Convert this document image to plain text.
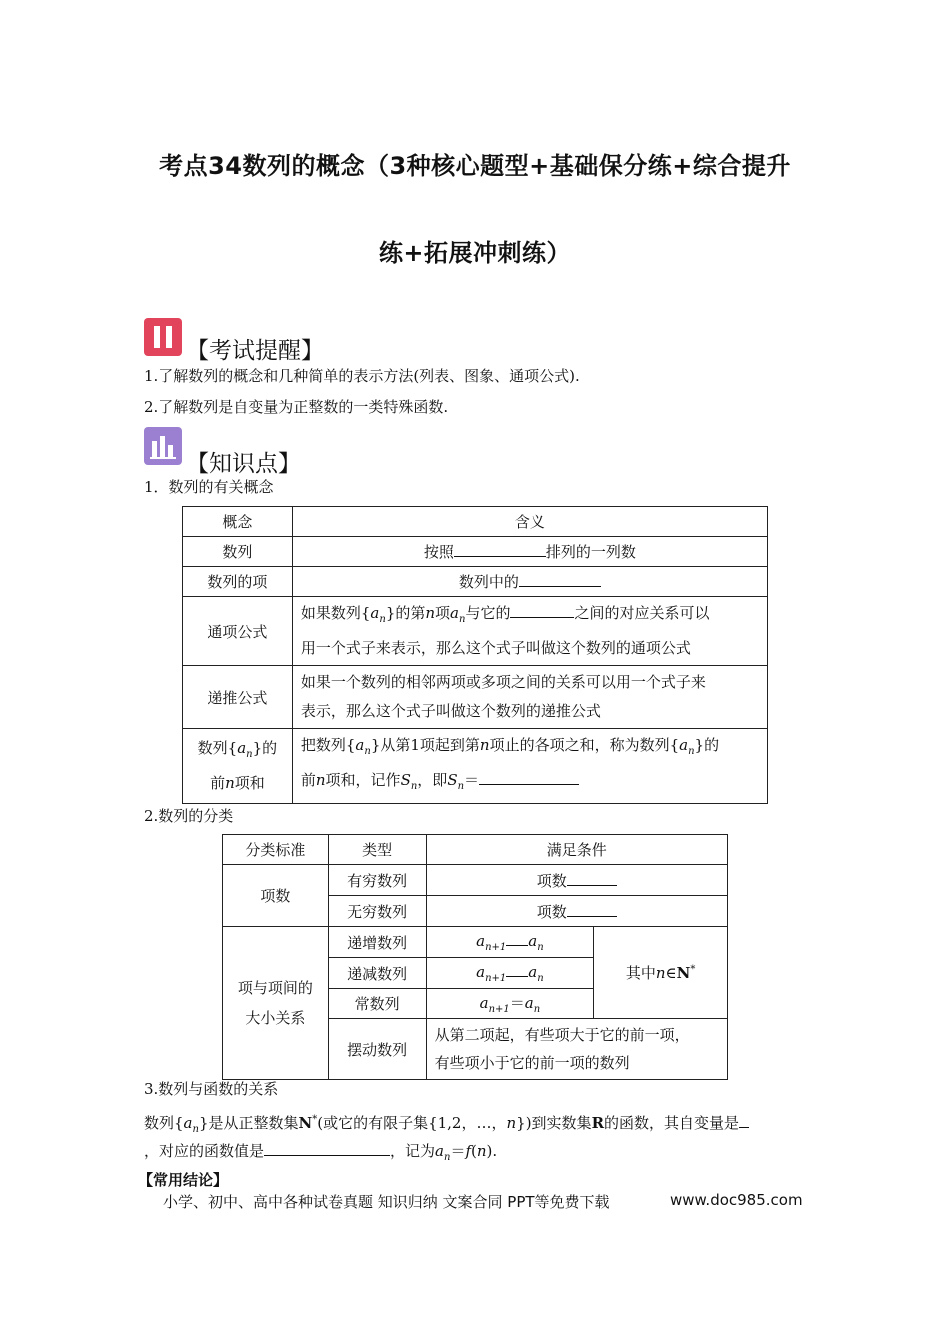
考点34数列的概念（3种核心题型+基础保分练+综合提升
练+拓展冲刺练）
【考试提醒】
1.了解数列的概念和几种简单的表示方法(列表、图象、通项公式).
2.了解数列是自变量为正整数的一类特殊函数.
【知识点】
1．数列的有关概念
概念	含义
数列	按照 排列的一列数
数列的项	数列中的
通项公式	如果数列$\{a_n\}$的第n项$a_n$与它的 之间的对应关系可以
用一个式子来表示，那么这个式子叫做这个数列的通项公式
递推公式	如果一个数列的相邻两项或多项之间的关系可以用一个式子来
表示，那么这个式子叫做这个数列的递推公式
数列$\{a_n\}$的
前n项和	把数列$\{a_n\}$从第1项起到第n项止的各项之和，称为数列$\{a_n\}$的
前n项和，记作$S_n$，即$S_n=$
2.数列的分类
分类标准	类型	满足条件	
项数	有穷数列	项数	
	无穷数列	项数	
项与项间的
大小关系	递增数列	$a_{n+1}$ $a_n$	其中n∈N*
	递减数列	$a_{n+1}$ $a_n$
	常数列	$a_{n+1}=a_n$
	摆动数列	从第二项起，有些项大于它的前一项，
有些项小于它的前一项的数列	
3.数列与函数的关系
数列$\{a_n\}$是从正整数集N*(或它的有限子集{1,2，…，n})到实数集R的函数，其自变量是
，对应的函数值是	，记为$a_n=f(n)$.
【常用结论】
小学、初中、高中各种试卷真题 知识归纳 文案合同 PPT等免费下载	www.doc985.com
